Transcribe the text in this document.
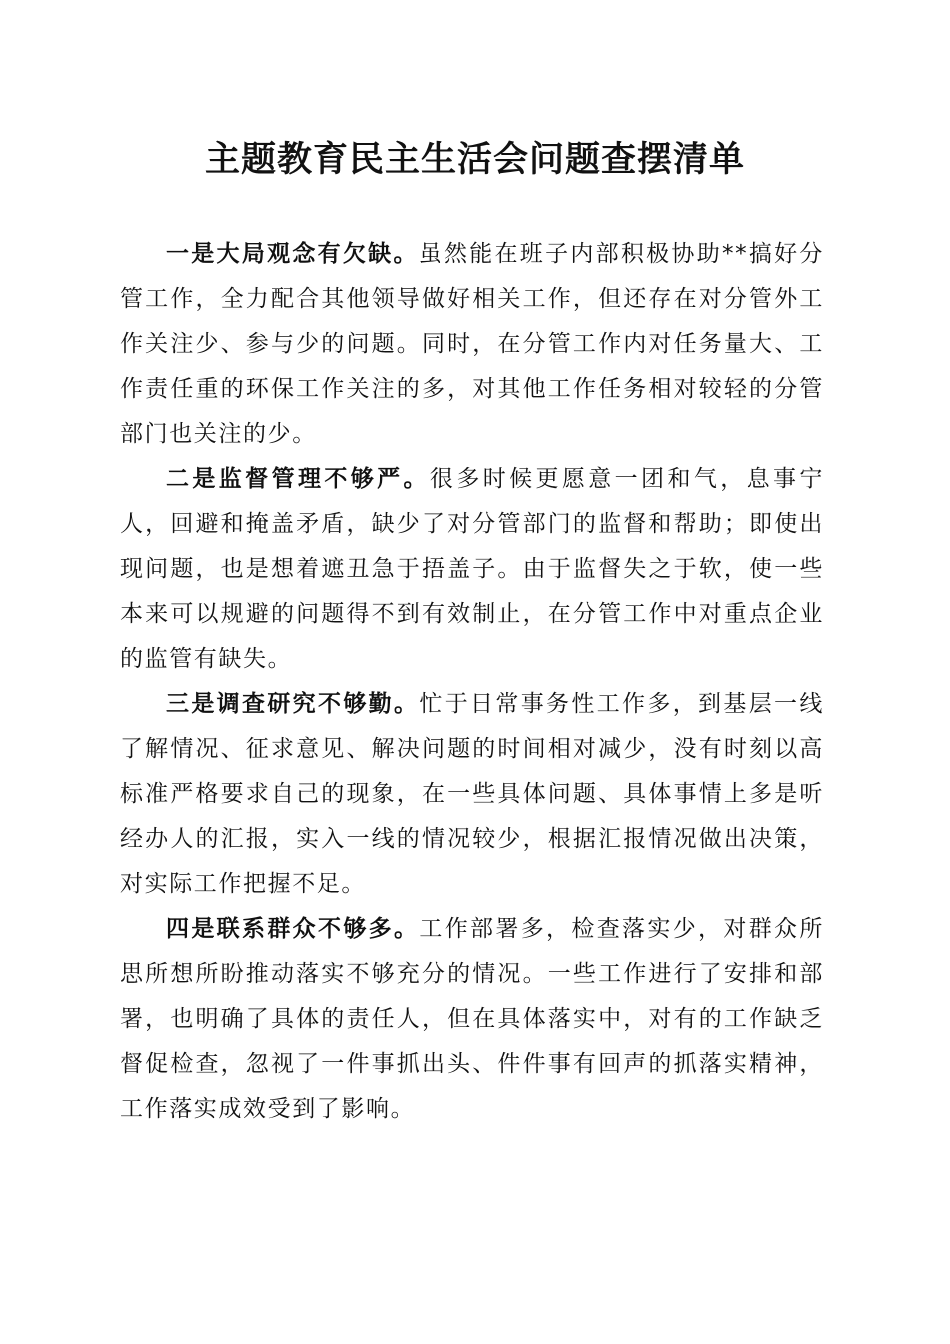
主题教育民主生活会问题查摆清单

一是大局观念有欠缺。虽然能在班子内部积极协助**搞好分管工作，全力配合其他领导做好相关工作，但还存在对分管外工作关注少、参与少的问题。同时，在分管工作内对任务量大、工作责任重的环保工作关注的多，对其他工作任务相对较轻的分管部门也关注的少。

二是监督管理不够严。很多时候更愿意一团和气，息事宁人，回避和掩盖矛盾，缺少了对分管部门的监督和帮助；即使出现问题，也是想着遮丑急于捂盖子。由于监督失之于软，使一些本来可以规避的问题得不到有效制止，在分管工作中对重点企业的监管有缺失。

三是调查研究不够勤。忙于日常事务性工作多，到基层一线了解情况、征求意见、解决问题的时间相对减少，没有时刻以高标准严格要求自己的现象，在一些具体问题、具体事情上多是听经办人的汇报，实入一线的情况较少，根据汇报情况做出决策，对实际工作把握不足。

四是联系群众不够多。工作部署多，检查落实少，对群众所思所想所盼推动落实不够充分的情况。一些工作进行了安排和部署，也明确了具体的责任人，但在具体落实中，对有的工作缺乏督促检查，忽视了一件事抓出头、件件事有回声的抓落实精神，工作落实成效受到了影响。
